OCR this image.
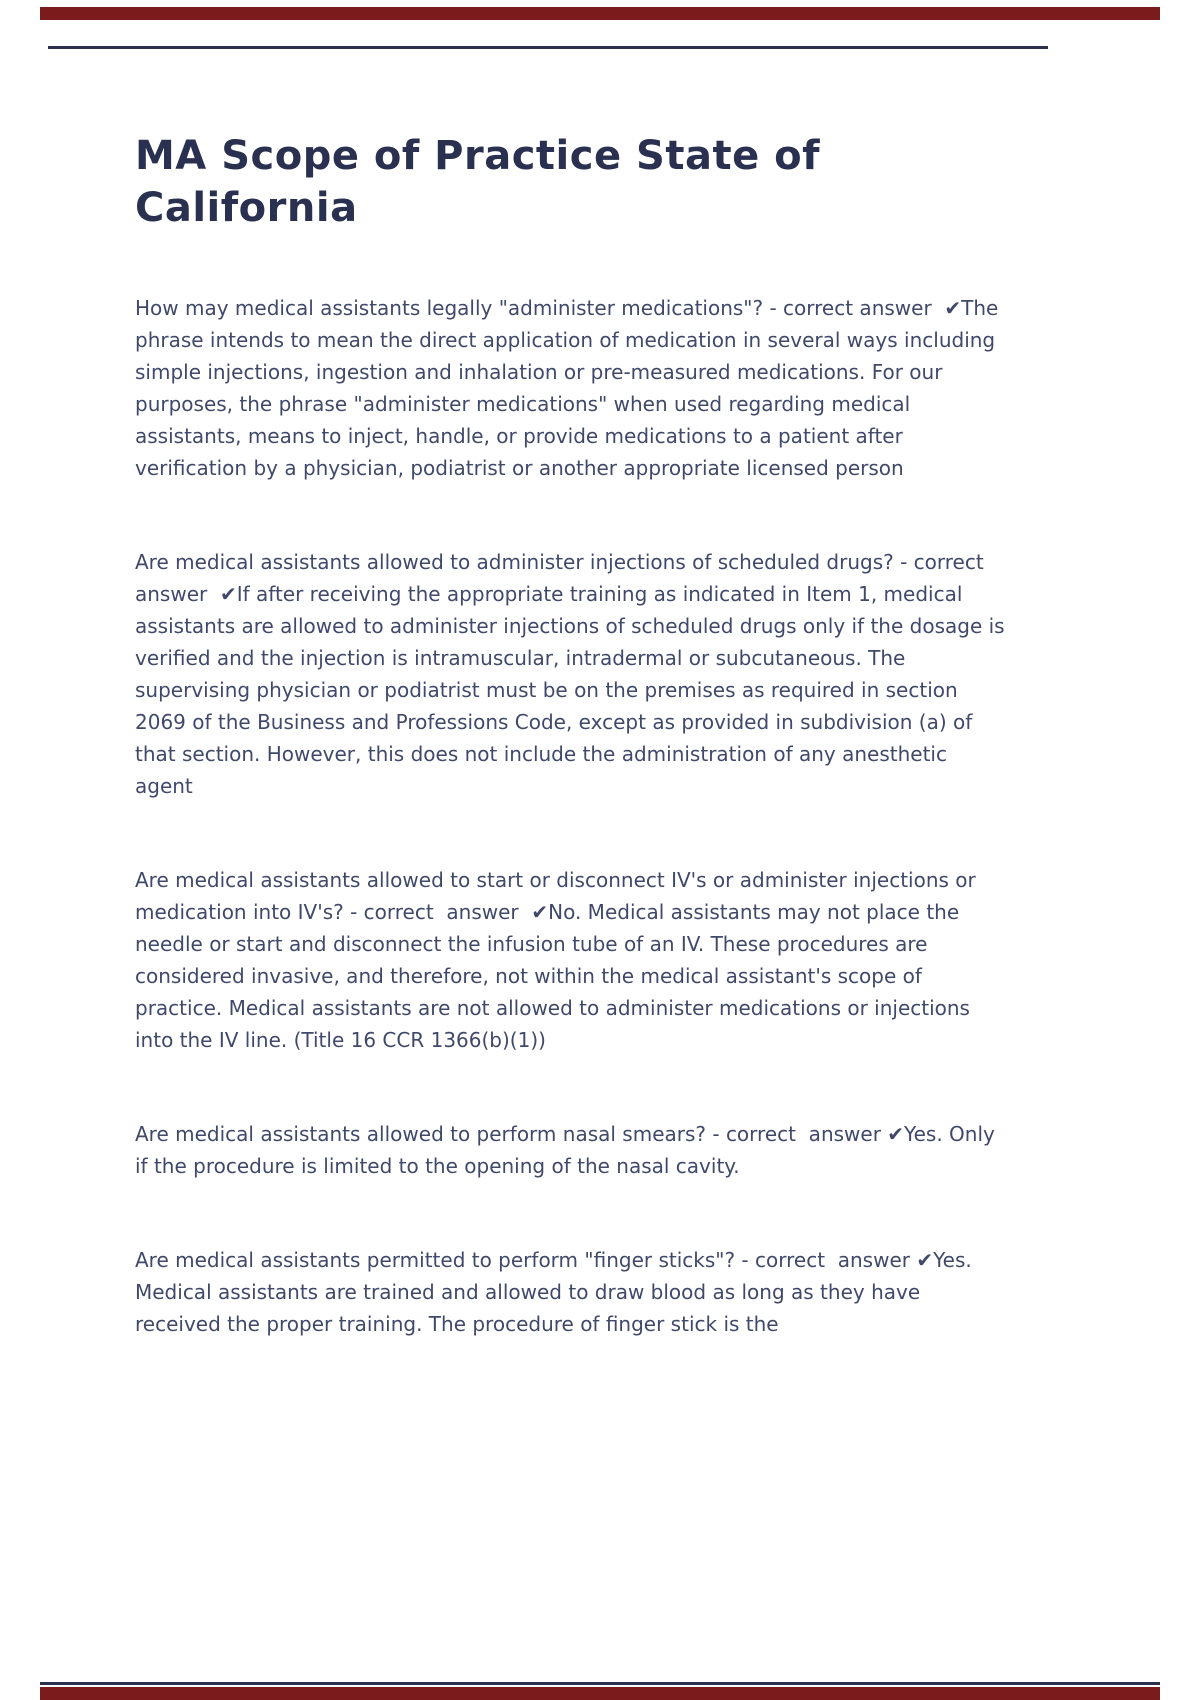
MA Scope of Practice State of California

How may medical assistants legally "administer medications"? - correct answer  ✔The phrase intends to mean the direct application of medication in several ways including simple injections, ingestion and inhalation or pre-measured medications. For our purposes, the phrase "administer medications" when used regarding medical assistants, means to inject, handle, or provide medications to a patient after verification by a physician, podiatrist or another appropriate licensed person

Are medical assistants allowed to administer injections of scheduled drugs? - correct  answer  ✔If after receiving the appropriate training as indicated in Item 1, medical assistants are allowed to administer injections of scheduled drugs only if the dosage is verified and the injection is intramuscular, intradermal or subcutaneous. The supervising physician or podiatrist must be on the premises as required in section 2069 of the Business and Professions Code, except as provided in subdivision (a) of that section. However, this does not include the administration of any anesthetic agent

Are medical assistants allowed to start or disconnect IV's or administer injections or medication into IV's? - correct  answer  ✔No. Medical assistants may not place the needle or start and disconnect the infusion tube of an IV. These procedures are considered invasive, and therefore, not within the medical assistant's scope of practice. Medical assistants are not allowed to administer medications or injections into the IV line. (Title 16 CCR 1366(b)(1))

Are medical assistants allowed to perform nasal smears? - correct  answer ✔Yes. Only if the procedure is limited to the opening of the nasal cavity.

Are medical assistants permitted to perform "finger sticks"? - correct  answer ✔Yes. Medical assistants are trained and allowed to draw blood as long as they have received the proper training. The procedure of finger stick is the
